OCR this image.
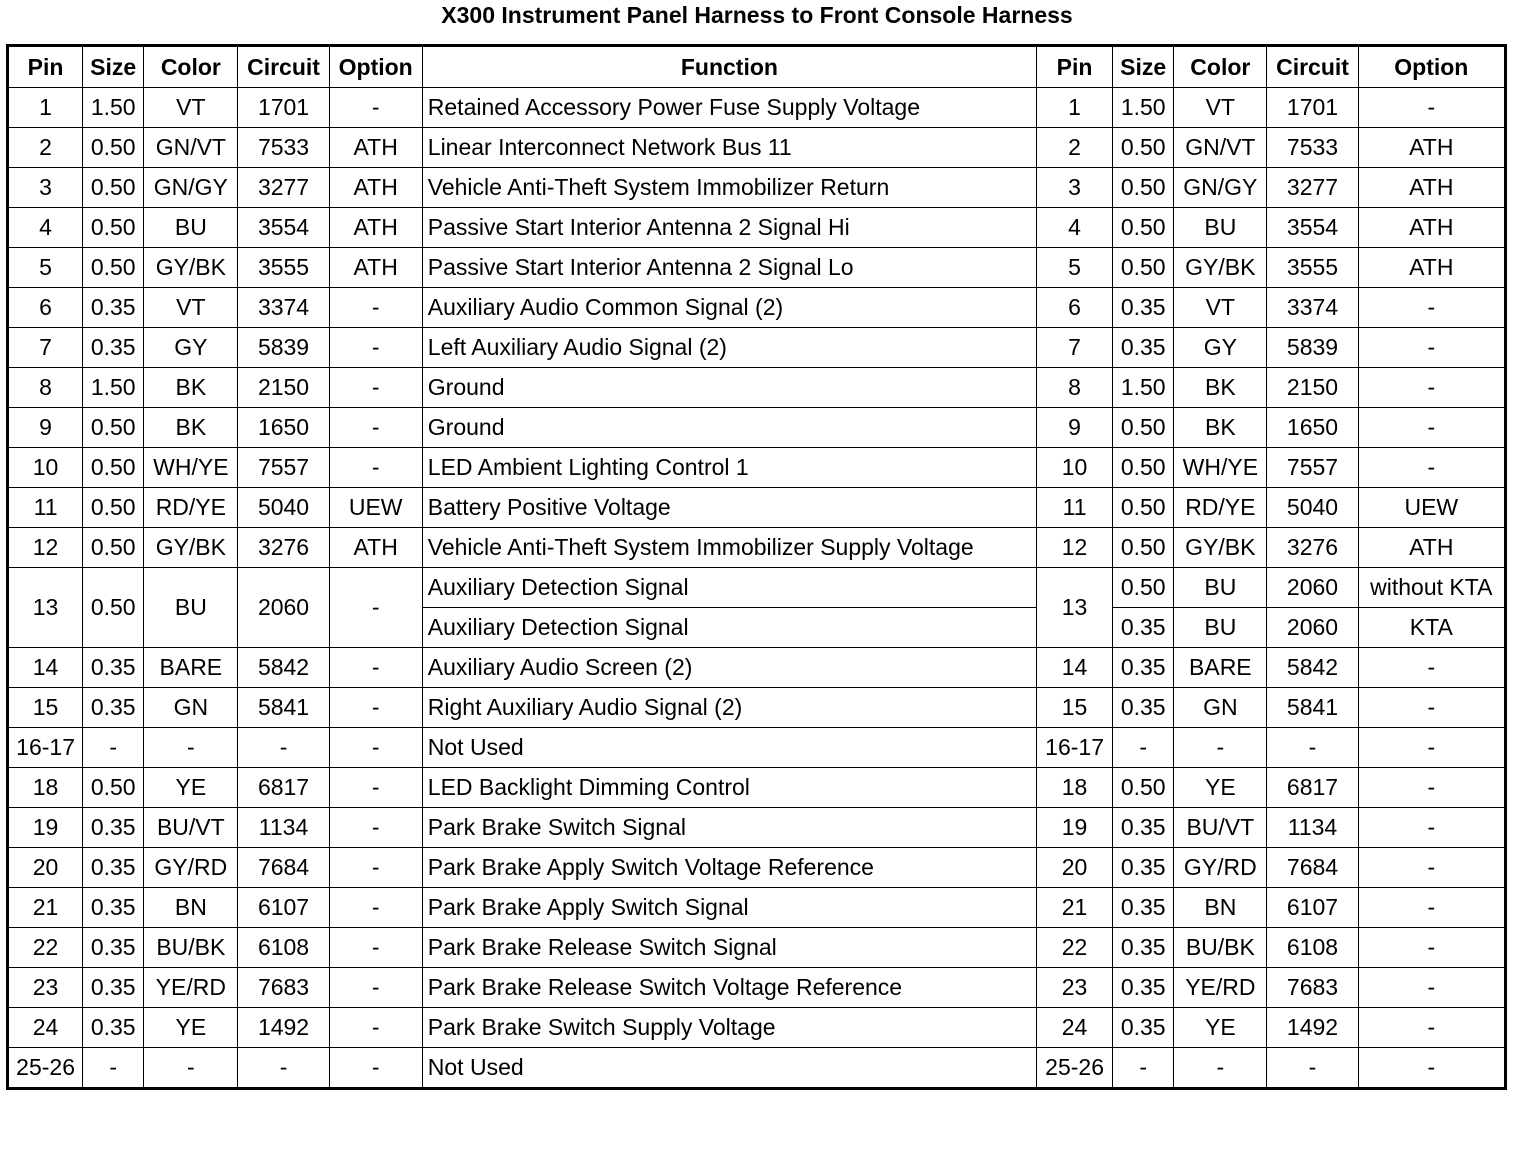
X300 Instrument Panel Harness to Front Console Harness
Pin	Size	Color	Circuit	Option	Function	Pin	Size	Color	Circuit	Option
1	1.50	VT	1701	-	Retained Accessory Power Fuse Supply Voltage	1	1.50	VT	1701	-
2	0.50	GN/VT	7533	ATH	Linear Interconnect Network Bus 11	2	0.50	GN/VT	7533	ATH
3	0.50	GN/GY	3277	ATH	Vehicle Anti-Theft System Immobilizer Return	3	0.50	GN/GY	3277	ATH
4	0.50	BU	3554	ATH	Passive Start Interior Antenna 2 Signal Hi	4	0.50	BU	3554	ATH
5	0.50	GY/BK	3555	ATH	Passive Start Interior Antenna 2 Signal Lo	5	0.50	GY/BK	3555	ATH
6	0.35	VT	3374	-	Auxiliary Audio Common Signal (2)	6	0.35	VT	3374	-
7	0.35	GY	5839	-	Left Auxiliary Audio Signal (2)	7	0.35	GY	5839	-
8	1.50	BK	2150	-	Ground	8	1.50	BK	2150	-
9	0.50	BK	1650	-	Ground	9	0.50	BK	1650	-
10	0.50	WH/YE	7557	-	LED Ambient Lighting Control 1	10	0.50	WH/YE	7557	-
11	0.50	RD/YE	5040	UEW	Battery Positive Voltage	11	0.50	RD/YE	5040	UEW
12	0.50	GY/BK	3276	ATH	Vehicle Anti-Theft System Immobilizer Supply Voltage	12	0.50	GY/BK	3276	ATH
13	0.50	BU	2060	-	Auxiliary Detection Signal	13	0.50	BU	2060	without KTA
					Auxiliary Detection Signal		0.35	BU	2060	KTA
14	0.35	BARE	5842	-	Auxiliary Audio Screen (2)	14	0.35	BARE	5842	-
15	0.35	GN	5841	-	Right Auxiliary Audio Signal (2)	15	0.35	GN	5841	-
16-17	-	-	-	-	Not Used	16-17	-	-	-	-
18	0.50	YE	6817	-	LED Backlight Dimming Control	18	0.50	YE	6817	-
19	0.35	BU/VT	1134	-	Park Brake Switch Signal	19	0.35	BU/VT	1134	-
20	0.35	GY/RD	7684	-	Park Brake Apply Switch Voltage Reference	20	0.35	GY/RD	7684	-
21	0.35	BN	6107	-	Park Brake Apply Switch Signal	21	0.35	BN	6107	-
22	0.35	BU/BK	6108	-	Park Brake Release Switch Signal	22	0.35	BU/BK	6108	-
23	0.35	YE/RD	7683	-	Park Brake Release Switch Voltage Reference	23	0.35	YE/RD	7683	-
24	0.35	YE	1492	-	Park Brake Switch Supply Voltage	24	0.35	YE	1492	-
25-26	-	-	-	-	Not Used	25-26	-	-	-	-
